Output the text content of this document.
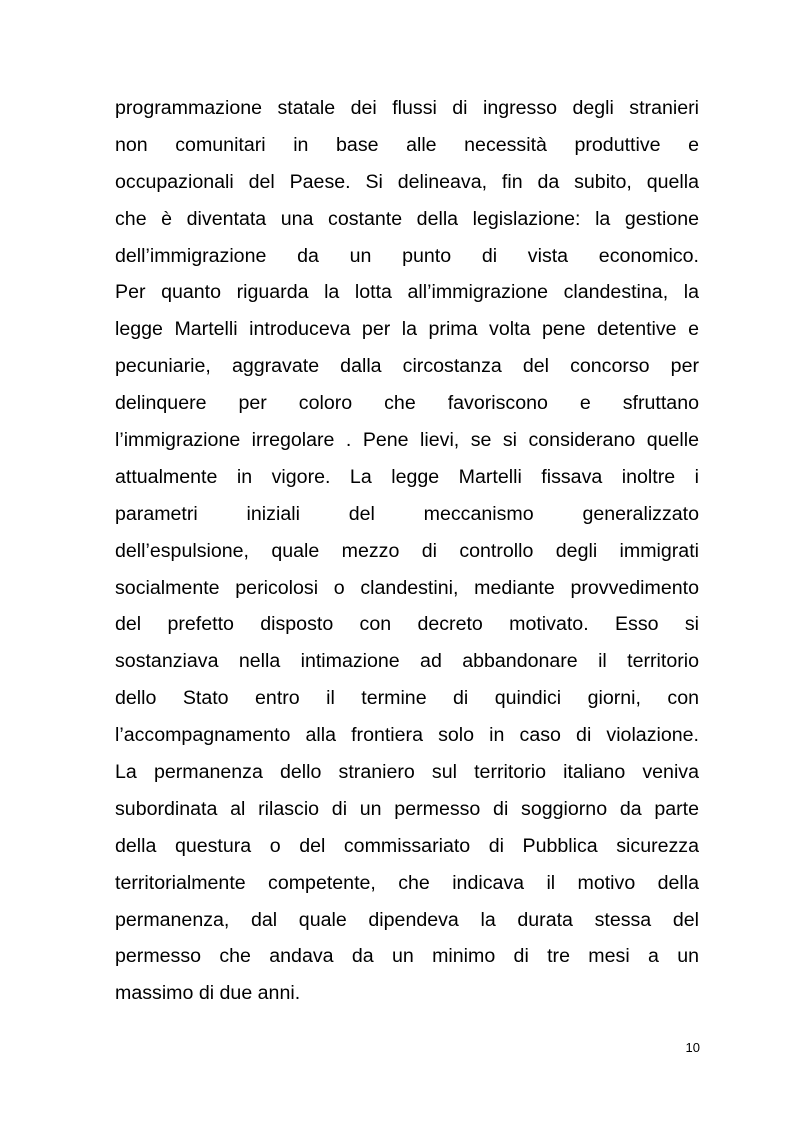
programmazione statale dei flussi di ingresso degli stranieri
non comunitari in base alle necessità produttive e
occupazionali del Paese. Si delineava, fin da subito, quella
che è diventata una costante della legislazione: la gestione
dell’immigrazione da un punto di vista economico.
Per quanto riguarda la lotta all’immigrazione clandestina, la
legge Martelli introduceva per la prima volta pene detentive e
pecuniarie, aggravate dalla circostanza del concorso per
delinquere per coloro che favoriscono e sfruttano
l’immigrazione irregolare . Pene lievi, se si considerano quelle
attualmente in vigore. La legge Martelli fissava inoltre i
parametri iniziali del meccanismo generalizzato
dell’espulsione, quale mezzo di controllo degli immigrati
socialmente pericolosi o clandestini, mediante provvedimento
del prefetto disposto con decreto motivato. Esso si
sostanziava nella intimazione ad abbandonare il territorio
dello Stato entro il termine di quindici giorni, con
l’accompagnamento alla frontiera solo in caso di violazione.
La permanenza dello straniero sul territorio italiano veniva
subordinata al rilascio di un permesso di soggiorno da parte
della questura o del commissariato di Pubblica sicurezza
territorialmente competente, che indicava il motivo della
permanenza, dal quale dipendeva la durata stessa del
permesso che andava da un minimo di tre mesi a un
massimo di due anni.
10
